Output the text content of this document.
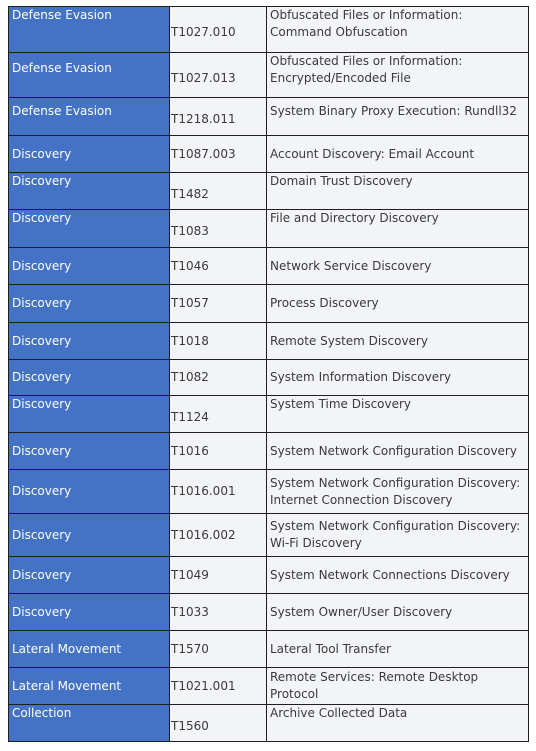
Defense Evasion	T1027.010	Obfuscated Files or Information: Command Obfuscation
Defense Evasion	T1027.013	Obfuscated Files or Information: Encrypted/Encoded File
Defense Evasion	T1218.011	System Binary Proxy Execution: Rundll32
Discovery	T1087.003	Account Discovery: Email Account
Discovery	T1482	Domain Trust Discovery
Discovery	T1083	File and Directory Discovery
Discovery	T1046	Network Service Discovery
Discovery	T1057	Process Discovery
Discovery	T1018	Remote System Discovery
Discovery	T1082	System Information Discovery
Discovery	T1124	System Time Discovery
Discovery	T1016	System Network Configuration Discovery
Discovery	T1016.001	System Network Configuration Discovery: Internet Connection Discovery
Discovery	T1016.002	System Network Configuration Discovery: Wi-Fi Discovery
Discovery	T1049	System Network Connections Discovery
Discovery	T1033	System Owner/User Discovery
Lateral Movement	T1570	Lateral Tool Transfer
Lateral Movement	T1021.001	Remote Services: Remote Desktop Protocol
Collection	T1560	Archive Collected Data
